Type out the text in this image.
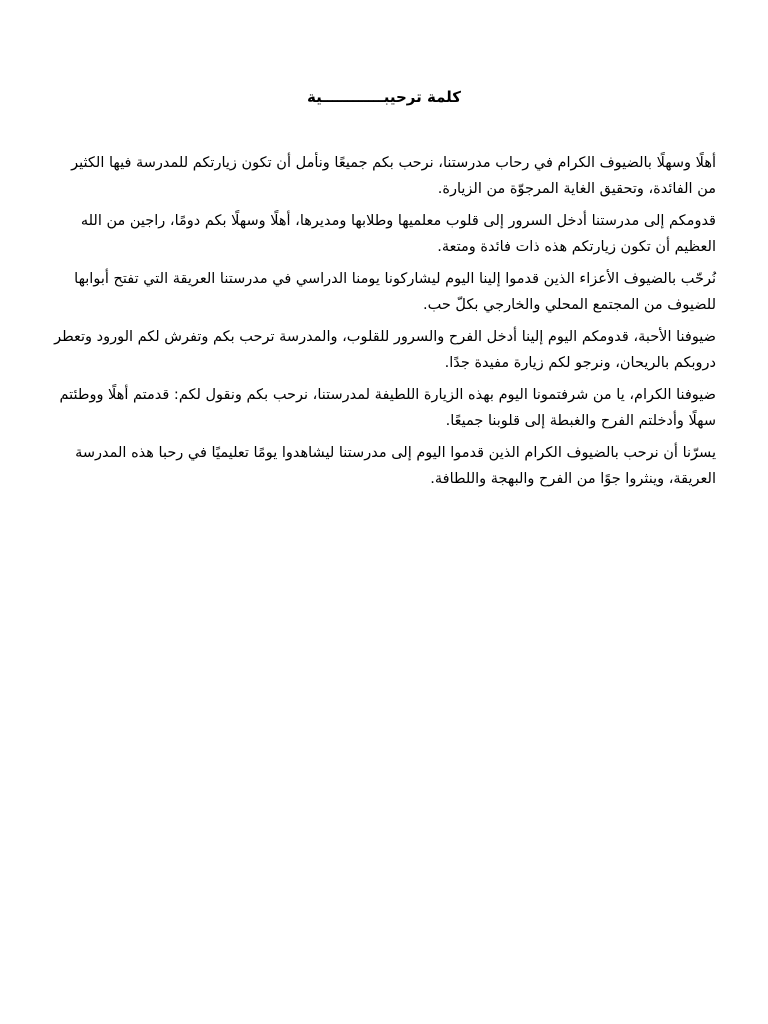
كلمة ترحيبــــــــــــية

أهلًا وسهلًا بالضيوف الكرام في رحاب مدرستنا، نرحب بكم جميعًا ونأمل أن تكون زيارتكم للمدرسة فيها الكثير من الفائدة، وتحقيق الغاية المرجوّة من الزيارة.

قدومكم إلى مدرستنا أدخل السرور إلى قلوب معلميها وطلابها ومديرها، أهلًا وسهلًا بكم دومًا، راجين من الله العظيم أن تكون زيارتكم هذه ذات فائدة ومتعة.

نُرحّب بالضيوف الأعزاء الذين قدموا إلينا اليوم ليشاركونا يومنا الدراسي في مدرستنا العريقة التي تفتح أبوابها للضيوف من المجتمع المحلي والخارجي بكلّ حب.

ضيوفنا الأحبة، قدومكم اليوم إلينا أدخل الفرح والسرور للقلوب، والمدرسة ترحب بكم وتفرش لكم الورود وتعطر دروبكم بالريحان، ونرجو لكم زيارة مفيدة جدًا.

ضيوفنا الكرام، يا من شرفتمونا اليوم بهذه الزيارة اللطيفة لمدرستنا، نرحب بكم ونقول لكم: قدمتم أهلًا ووطئتم سهلًا وأدخلتم الفرح والغبطة إلى قلوبنا جميعًا.

يسرّنا أن نرحب بالضيوف الكرام الذين قدموا اليوم إلى مدرستنا ليشاهدوا يومًا تعليميًا في رحبا هذه المدرسة العريقة، وينثروا جوًا من الفرح والبهجة واللطافة.
